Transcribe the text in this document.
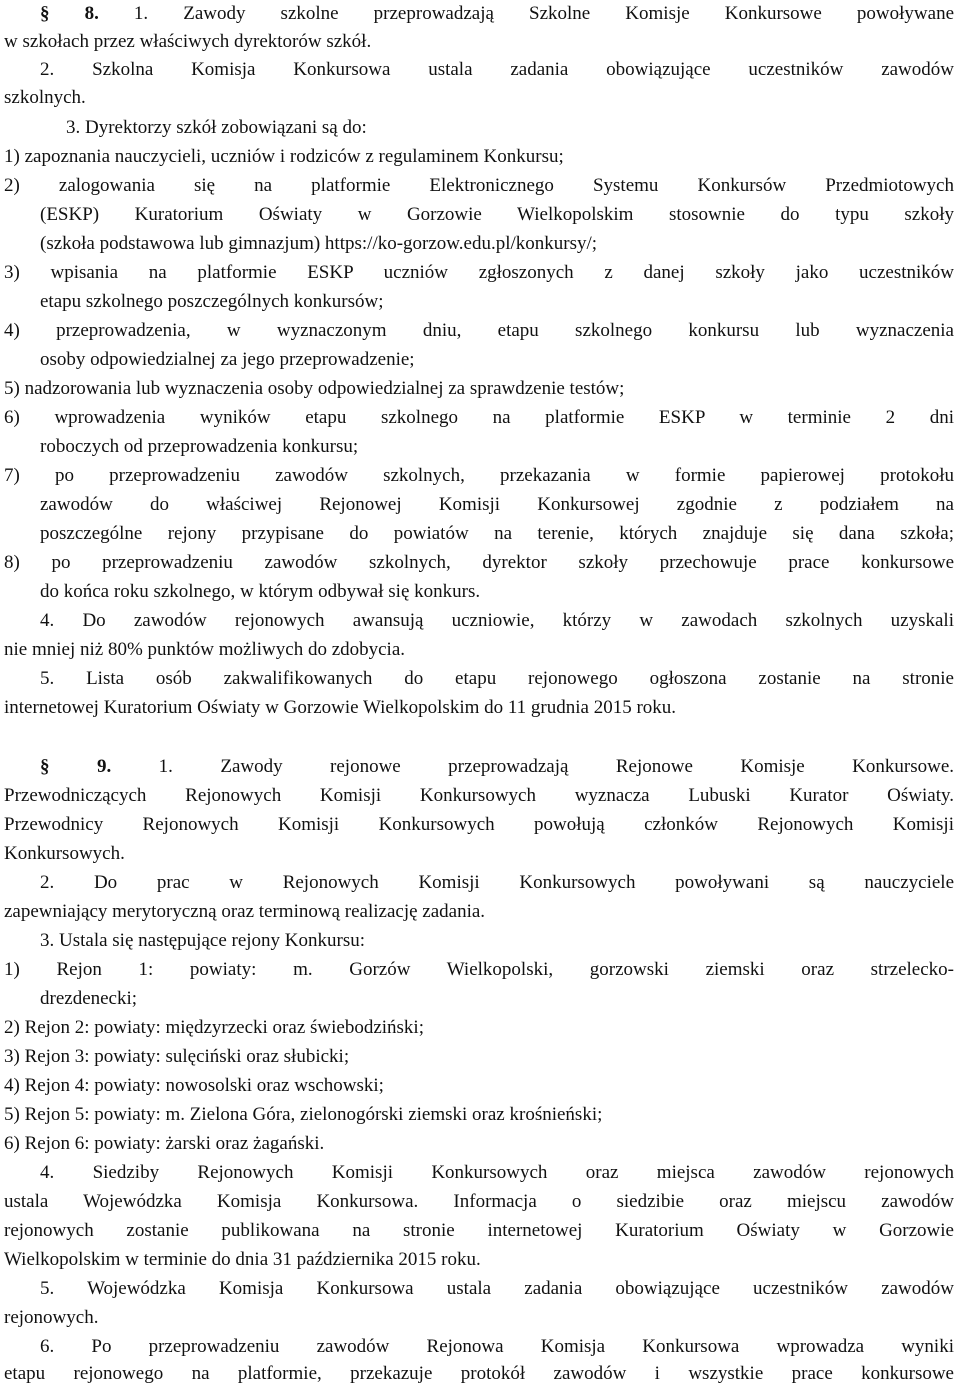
§ 8. 1. Zawody szkolne przeprowadzają Szkolne Komisje Konkursowe powoływane
w szkołach przez właściwych dyrektorów szkół.
2. Szkolna Komisja Konkursowa ustala zadania obowiązujące uczestników zawodów
szkolnych.
3. Dyrektorzy szkół zobowiązani są do:
1) zapoznania nauczycieli, uczniów i rodziców z regulaminem Konkursu;
2) zalogowania się na platformie Elektronicznego Systemu Konkursów Przedmiotowych
(ESKP) Kuratorium Oświaty w Gorzowie Wielkopolskim stosownie do typu szkoły
(szkoła podstawowa lub gimnazjum) https://ko-gorzow.edu.pl/konkursy/;
3) wpisania na platformie ESKP uczniów zgłoszonych z danej szkoły jako uczestników
etapu szkolnego poszczególnych konkursów;
4) przeprowadzenia, w wyznaczonym dniu, etapu szkolnego konkursu lub wyznaczenia
osoby odpowiedzialnej za jego przeprowadzenie;
5) nadzorowania lub wyznaczenia osoby odpowiedzialnej za sprawdzenie testów;
6) wprowadzenia wyników etapu szkolnego na platformie ESKP w terminie 2 dni
roboczych od przeprowadzenia konkursu;
7) po przeprowadzeniu zawodów szkolnych, przekazania w formie papierowej protokołu
zawodów do właściwej Rejonowej Komisji Konkursowej zgodnie z podziałem na
poszczególne rejony przypisane do powiatów na terenie, których znajduje się dana szkoła;
8) po przeprowadzeniu zawodów szkolnych, dyrektor szkoły przechowuje prace konkursowe
do końca roku szkolnego, w którym odbywał się konkurs.
4. Do zawodów rejonowych awansują uczniowie, którzy w zawodach szkolnych uzyskali
nie mniej niż 80% punktów możliwych do zdobycia.
5. Lista osób zakwalifikowanych do etapu rejonowego ogłoszona zostanie na stronie
internetowej Kuratorium Oświaty w Gorzowie Wielkopolskim do 11 grudnia 2015 roku.
§ 9. 1. Zawody rejonowe przeprowadzają Rejonowe Komisje Konkursowe.
Przewodniczących Rejonowych Komisji Konkursowych wyznacza Lubuski Kurator Oświaty.
Przewodnicy Rejonowych Komisji Konkursowych powołują członków Rejonowych Komisji
Konkursowych.
2. Do prac w Rejonowych Komisji Konkursowych powoływani są nauczyciele
zapewniający merytoryczną oraz terminową realizację zadania.
3. Ustala się następujące rejony Konkursu:
1) Rejon 1: powiaty: m. Gorzów Wielkopolski, gorzowski ziemski oraz strzelecko-
drezdenecki;
2) Rejon 2: powiaty: międzyrzecki oraz świebodziński;
3) Rejon 3: powiaty: sulęciński oraz słubicki;
4) Rejon 4: powiaty: nowosolski oraz wschowski;
5) Rejon 5: powiaty: m. Zielona Góra, zielonogórski ziemski oraz krośnieński;
6) Rejon 6: powiaty: żarski oraz żagański.
4. Siedziby Rejonowych Komisji Konkursowych oraz miejsca zawodów rejonowych
ustala Wojewódzka Komisja Konkursowa. Informacja o siedzibie oraz miejscu zawodów
rejonowych zostanie publikowana na stronie internetowej Kuratorium Oświaty w Gorzowie
Wielkopolskim w terminie do dnia 31 października 2015 roku.
5. Wojewódzka Komisja Konkursowa ustala zadania obowiązujące uczestników zawodów
rejonowych.
6. Po przeprowadzeniu zawodów Rejonowa Komisja Konkursowa wprowadza wyniki
etapu rejonowego na platformie, przekazuje protokół zawodów i wszystkie prace konkursowe
